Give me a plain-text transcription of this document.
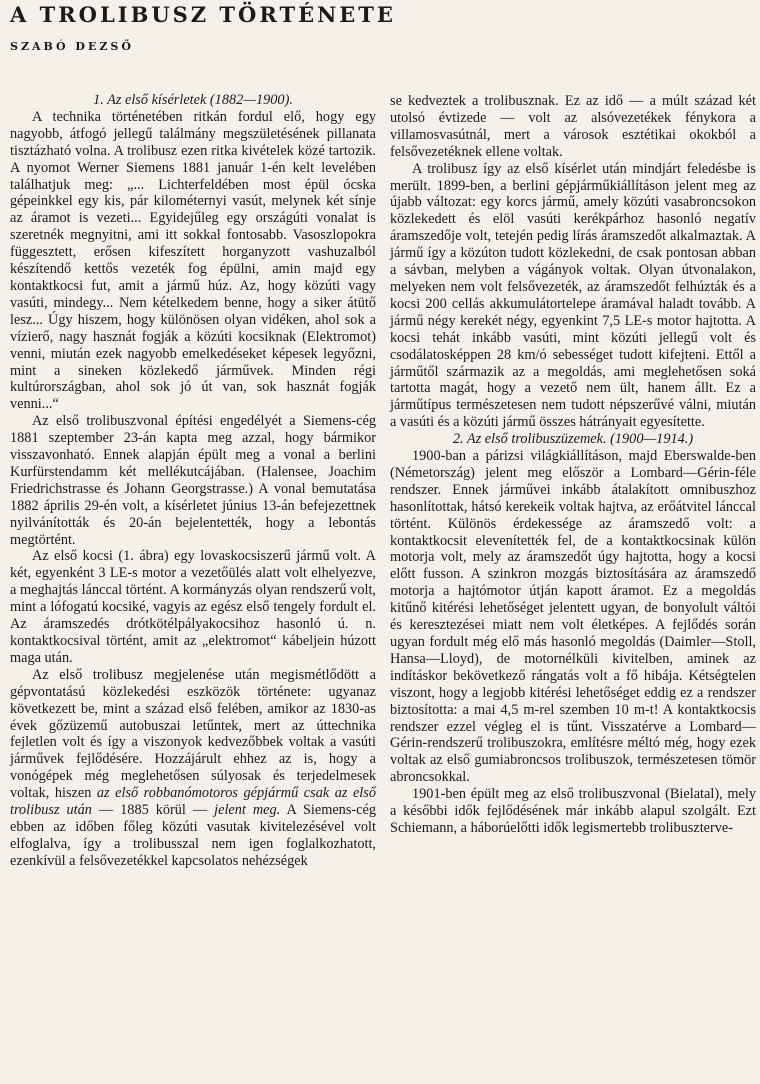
A TROLIBUSZ TÖRTÉNETE
SZABÓ DEZSŐ
1. Az első kísérletek (1882—1900).

A technika történetében ritkán fordul elő, hogy egy nagyobb, átfogó jellegű találmány megszületésének pillanata tisztázható volna. A trolibusz ezen ritka kivételek közé tartozik. A nyomot Werner Siemens 1881 január 1-én kelt levelében találhatjuk meg: „... Lichterfeldében most épül ócska gépeinkkel egy kis, pár kilométernyi vasút, melynek két sínje az áramot is vezeti... Egyidejűleg egy országúti vonalat is szeretnék megnyitni, ami itt sokkal fontosabb. Vasoszlopokra függesztett, erősen kifeszített horganyzott vashuzalból készítendő kettős vezeték fog épülni, amin majd egy kontaktkocsi fut, amit a jármű húz. Az, hogy közúti vagy vasúti, mindegy... Nem kételkedem benne, hogy a siker átütő lesz... Úgy hiszem, hogy különösen olyan vidéken, ahol sok a vízierő, nagy hasznát fogják a közúti kocsiknak (Elektromot) venni, miután ezek nagyobb emelkedéseket képesek legyőzni, mint a sineken közlekedő járművek. Minden régi kultúrországban, ahol sok jó út van, sok hasznát fogják venni...“

Az első trolibuszvonal építési engedélyét a Siemens-cég 1881 szeptember 23-án kapta meg azzal, hogy bármikor visszavonható. Ennek alapján épült meg a vonal a berlini Kurfürstendamm két mellékutcájában. (Halensee, Joachim Friedrichstrasse és Johann Georgstrasse.) A vonal bemutatása 1882 április 29-én volt, a kísérletet június 13-án befejezettnek nyilvánították és 20-án bejelentették, hogy a lebontás megtörtént.

Az első kocsi (1. ábra) egy lovaskocsiszerű jármű volt. A két, egyenként 3 LE-s motor a vezetőülés alatt volt elhelyezve, a meghajtás lánccal történt. A kormányzás olyan rendszerű volt, mint a lófogatú kocsiké, vagyis az egész első tengely fordult el. Az áramszedés drótkötélpályakocsihoz hasonló ú. n. kontaktkocsival történt, amit az „elektromot“ kábeljein húzott maga után.

Az első trolibusz megjelenése után megismétlődött a gépvontatású közlekedési eszközök története: ugyanaz következett be, mint a század első felében, amikor az 1830-as évek gőzüzemű autobuszai letűntek, mert az úttechnika fejletlen volt és így a viszonyok kedvezőbbek voltak a vasúti járművek fejlődésére. Hozzájárult ehhez az is, hogy a vonógépek még meglehetősen súlyosak és terjedelmesek voltak, hiszen az első robbanómotoros gépjármű csak az első trolibusz után — 1885 körül — jelent meg. A Siemens-cég ebben az időben főleg közúti vasutak kivitelezésével volt elfoglalva, így a trolibusszal nem igen foglalkozhatott, ezenkívül a felsővezetékkel kapcsolatos nehézségek

se kedveztek a trolibusznak. Ez az idő — a múlt század két utolsó évtizede — volt az alsóvezetékek fénykora a villamosvasútnál, mert a városok esztétikai okokból a felsővezetéknek ellene voltak.

A trolibusz így az első kísérlet után mindjárt feledésbe is merült. 1899-ben, a berlini gépjárműkiállításon jelent meg az újabb változat: egy korcs jármű, amely közúti vasabroncsokon közlekedett és elöl vasúti kerékpárhoz hasonló negatív áramszedője volt, tetején pedig lírás áramszedőt alkalmaztak. A jármű így a közúton tudott közlekedni, de csak pontosan abban a sávban, melyben a vágányok voltak. Olyan útvonalakon, melyeken nem volt felsővezeték, az áramszedőt felhúzták és a kocsi 200 cellás akkumulátortelepe áramával haladt tovább. A jármű négy kerekét négy, egyenkint 7,5 LE-s motor hajtotta. A kocsi tehát inkább vasúti, mint közúti jellegű volt és csodálatosképpen 28 km/ó sebességet tudott kifejteni. Ettől a járműtől származik az a megoldás, ami meglehetősen soká tartotta magát, hogy a vezető nem ült, hanem állt. Ez a járműtípus természetesen nem tudott népszerűvé válni, miután a vasúti és a közúti jármű összes hátrányait egyesítette.

2. Az első trolibuszüzemek. (1900—1914.)

1900-ban a párizsi világkiállításon, majd Eberswalde-ben (Németország) jelent meg először a Lombard—Gérin-féle rendszer. Ennek járművei inkább átalakított omnibuszhoz hasonlítottak, hátsó kerekeik voltak hajtva, az erőátvitel lánccal történt. Különös érdekessége az áramszedő volt: a kontaktkocsit elevenítették fel, de a kontaktkocsinak külön motorja volt, mely az áramszedőt úgy hajtotta, hogy a kocsi előtt fusson. A szinkron mozgás biztosítására az áramszedő motorja a hajtómotor útján kapott áramot. Ez a megoldás kitűnő kitérési lehetőséget jelentett ugyan, de bonyolult váltói és keresztezései miatt nem volt életképes. A fejlődés során ugyan fordult még elő más hasonló megoldás (Daimler—Stoll, Hansa—Lloyd), de motornélküli kivitelben, aminek az indításkor bekövetkező rángatás volt a fő hibája. Kétségtelen viszont, hogy a legjobb kitérési lehetőséget eddig ez a rendszer biztosította: a mai 4,5 m-rel szemben 10 m-t! A kontaktkocsis rendszer ezzel végleg el is tűnt. Visszatérve a Lombard—Gérin-rendszerű trolibuszokra, említésre méltó még, hogy ezek voltak az első gumiabroncsos trolibuszok, természetesen tömör abroncsokkal.

1901-ben épült meg az első trolibuszvonal (Bielatal), mely a későbbi idők fejlődésének már inkább alapul szolgált. Ezt Schiemann, a háborúelőtti idők legismertebb trolibuszterve-
